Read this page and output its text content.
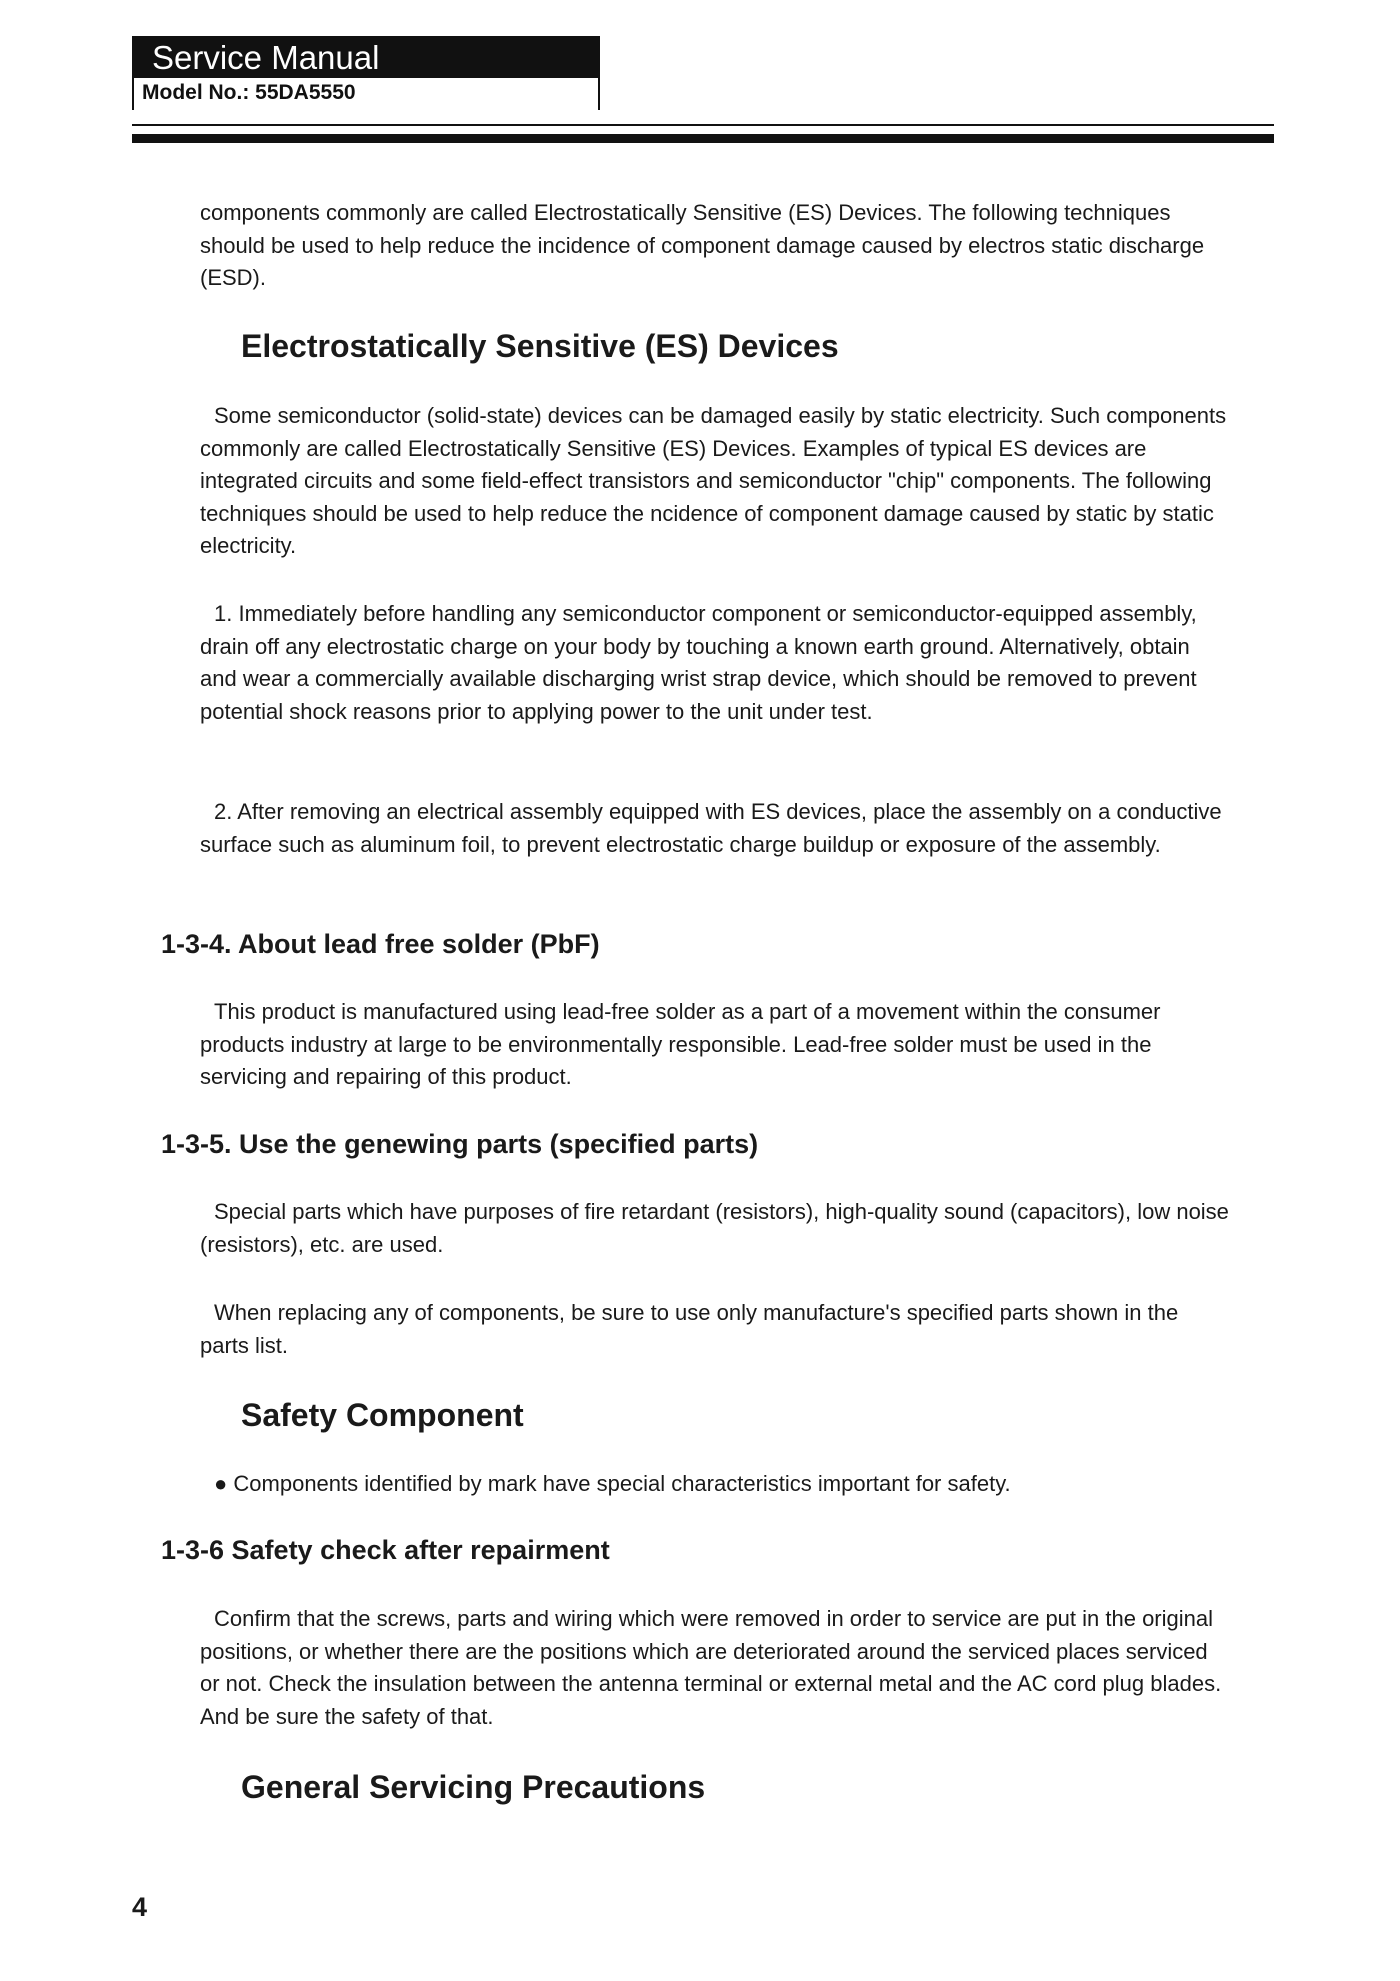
Service Manual
Model No.: 55DA5550

components commonly are called Electrostatically Sensitive (ES) Devices. The following techniques should be used to help reduce the incidence of component damage caused by electros static discharge (ESD).

Electrostatically Sensitive (ES) Devices

Some semiconductor (solid-state) devices can be damaged easily by static electricity. Such components commonly are called Electrostatically Sensitive (ES) Devices. Examples of typical ES devices are integrated circuits and some field-effect transistors and semiconductor "chip" components. The following techniques should be used to help reduce the ncidence of component damage caused by static by static electricity.

1. Immediately before handling any semiconductor component or semiconductor-equipped assembly, drain off any electrostatic charge on your body by touching a known earth ground. Alternatively, obtain and wear a commercially available discharging wrist strap device, which should be removed to prevent potential shock reasons prior to applying power to the unit under test.

2. After removing an electrical assembly equipped with ES devices, place the assembly on a conductive surface such as aluminum foil, to prevent electrostatic charge buildup or exposure of the assembly.

1-3-4. About lead free solder (PbF)

This product is manufactured using lead-free solder as a part of a movement within the consumer products industry at large to be environmentally responsible. Lead-free solder must be used in the servicing and repairing of this product.

1-3-5. Use the genewing parts (specified parts)

Special parts which have purposes of fire retardant (resistors), high-quality sound (capacitors), low noise (resistors), etc. are used.

When replacing any of components, be sure to use only manufacture's specified parts shown in the parts list.

Safety Component

● Components identified by mark have special characteristics important for safety.

1-3-6 Safety check after repairment

Confirm that the screws, parts and wiring which were removed in order to service are put in the original positions, or whether there are the positions which are deteriorated around the serviced places serviced or not. Check the insulation between the antenna terminal or external metal and the AC cord plug blades. And be sure the safety of that.

General Servicing Precautions
4
